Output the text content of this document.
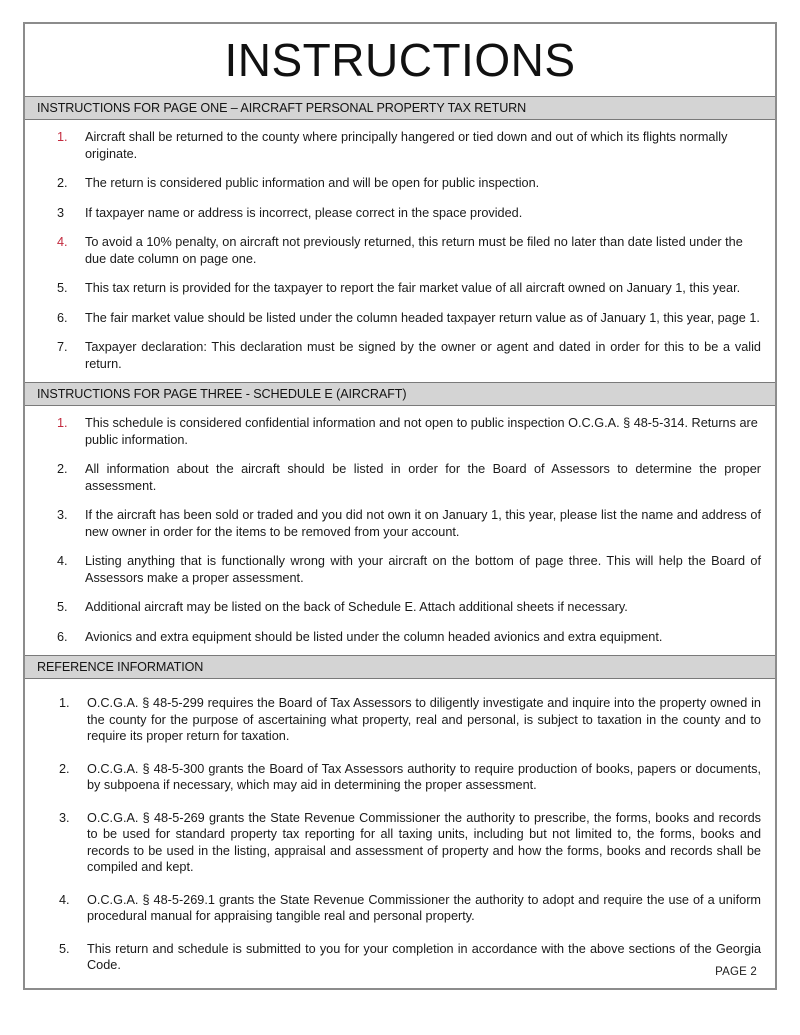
INSTRUCTIONS
INSTRUCTIONS FOR PAGE ONE – AIRCRAFT PERSONAL PROPERTY TAX RETURN
1.	Aircraft shall be returned to the county where principally hangered or tied down and out of which its flights normally originate.
2.	The return is considered public information and will be open for public inspection.
3	If taxpayer name or address is incorrect, please correct in the space provided.
4.	To avoid a 10% penalty, on aircraft not previously returned, this return must be filed no later than date listed under the due date column on page one.
5.	This tax return is provided for the taxpayer to report the fair market value of all aircraft owned on January 1, this year.
6.	The fair market value should be listed under the column headed taxpayer return value as of January 1, this year, page 1.
7.	Taxpayer declaration: This declaration must be signed by the owner or agent and dated in order for this to be a valid return.
INSTRUCTIONS FOR PAGE THREE - SCHEDULE E (AIRCRAFT)
1.	This schedule is considered confidential information and not open to public inspection O.C.G.A. § 48-5-314. Returns are public information.
2.	All information about the aircraft should be listed in order for the Board of Assessors to determine the proper assessment.
3.	If the aircraft has been sold or traded and you did not own it on January 1, this year, please list the name and address of new owner in order for the items to be removed from your account.
4.	Listing anything that is functionally wrong with your aircraft on the bottom of page three. This will help the Board of Assessors make a proper assessment.
5.	Additional aircraft may be listed on the back of Schedule E. Attach additional sheets if necessary.
6.	Avionics and extra equipment should be listed under the column headed avionics and extra equipment.
REFERENCE INFORMATION
1.	O.C.G.A. § 48-5-299 requires the Board of Tax Assessors to diligently investigate and inquire into the property owned in the county for the purpose of ascertaining what property, real and personal, is subject to taxation in the county and to require its proper return for taxation.
2.	O.C.G.A. § 48-5-300 grants the Board of Tax Assessors authority to require production of books, papers or documents, by subpoena if necessary, which may aid in determining the proper assessment.
3.	O.C.G.A. § 48-5-269 grants the State Revenue Commissioner the authority to prescribe, the forms, books and records to be used for standard property tax reporting for all taxing units, including but not limited to, the forms, books and records to be used in the listing, appraisal and assessment of property and how the forms, books and records shall be compiled and kept.
4.	O.C.G.A. § 48-5-269.1 grants the State Revenue Commissioner the authority to adopt and require the use of a uniform procedural manual for appraising tangible real and personal property.
5.	This return and schedule is submitted to you for your completion in accordance with the above sections of the Georgia Code.	PAGE 2
